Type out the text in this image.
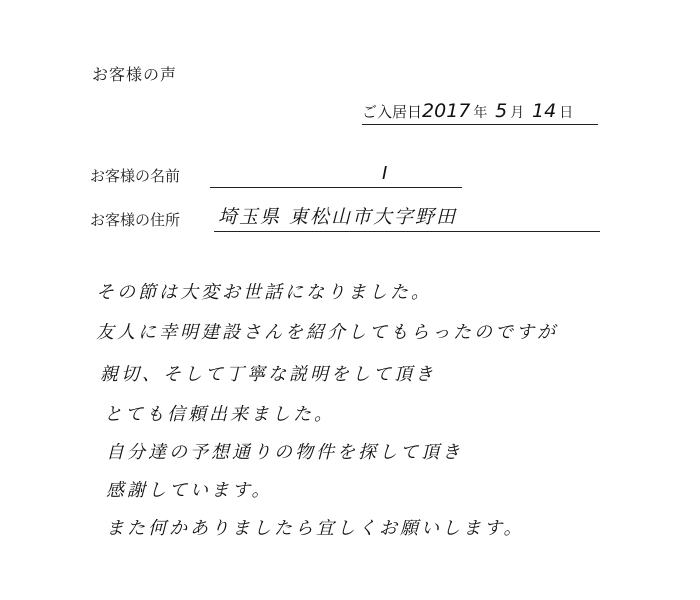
お客様の声
ご入居日2017 年 5 月 14 日
お客様の名前	I
お客様の住所 埼玉県 東松山市大字野田
その節は大変お世話になりました。
友人に幸明建設さんを紹介してもらったのですが
親切、そして丁寧な説明をして頂き
とても信頼出来ました。
自分達の予想通りの物件を探して頂き
感謝しています。
また何かありましたら宜しくお願いします。
